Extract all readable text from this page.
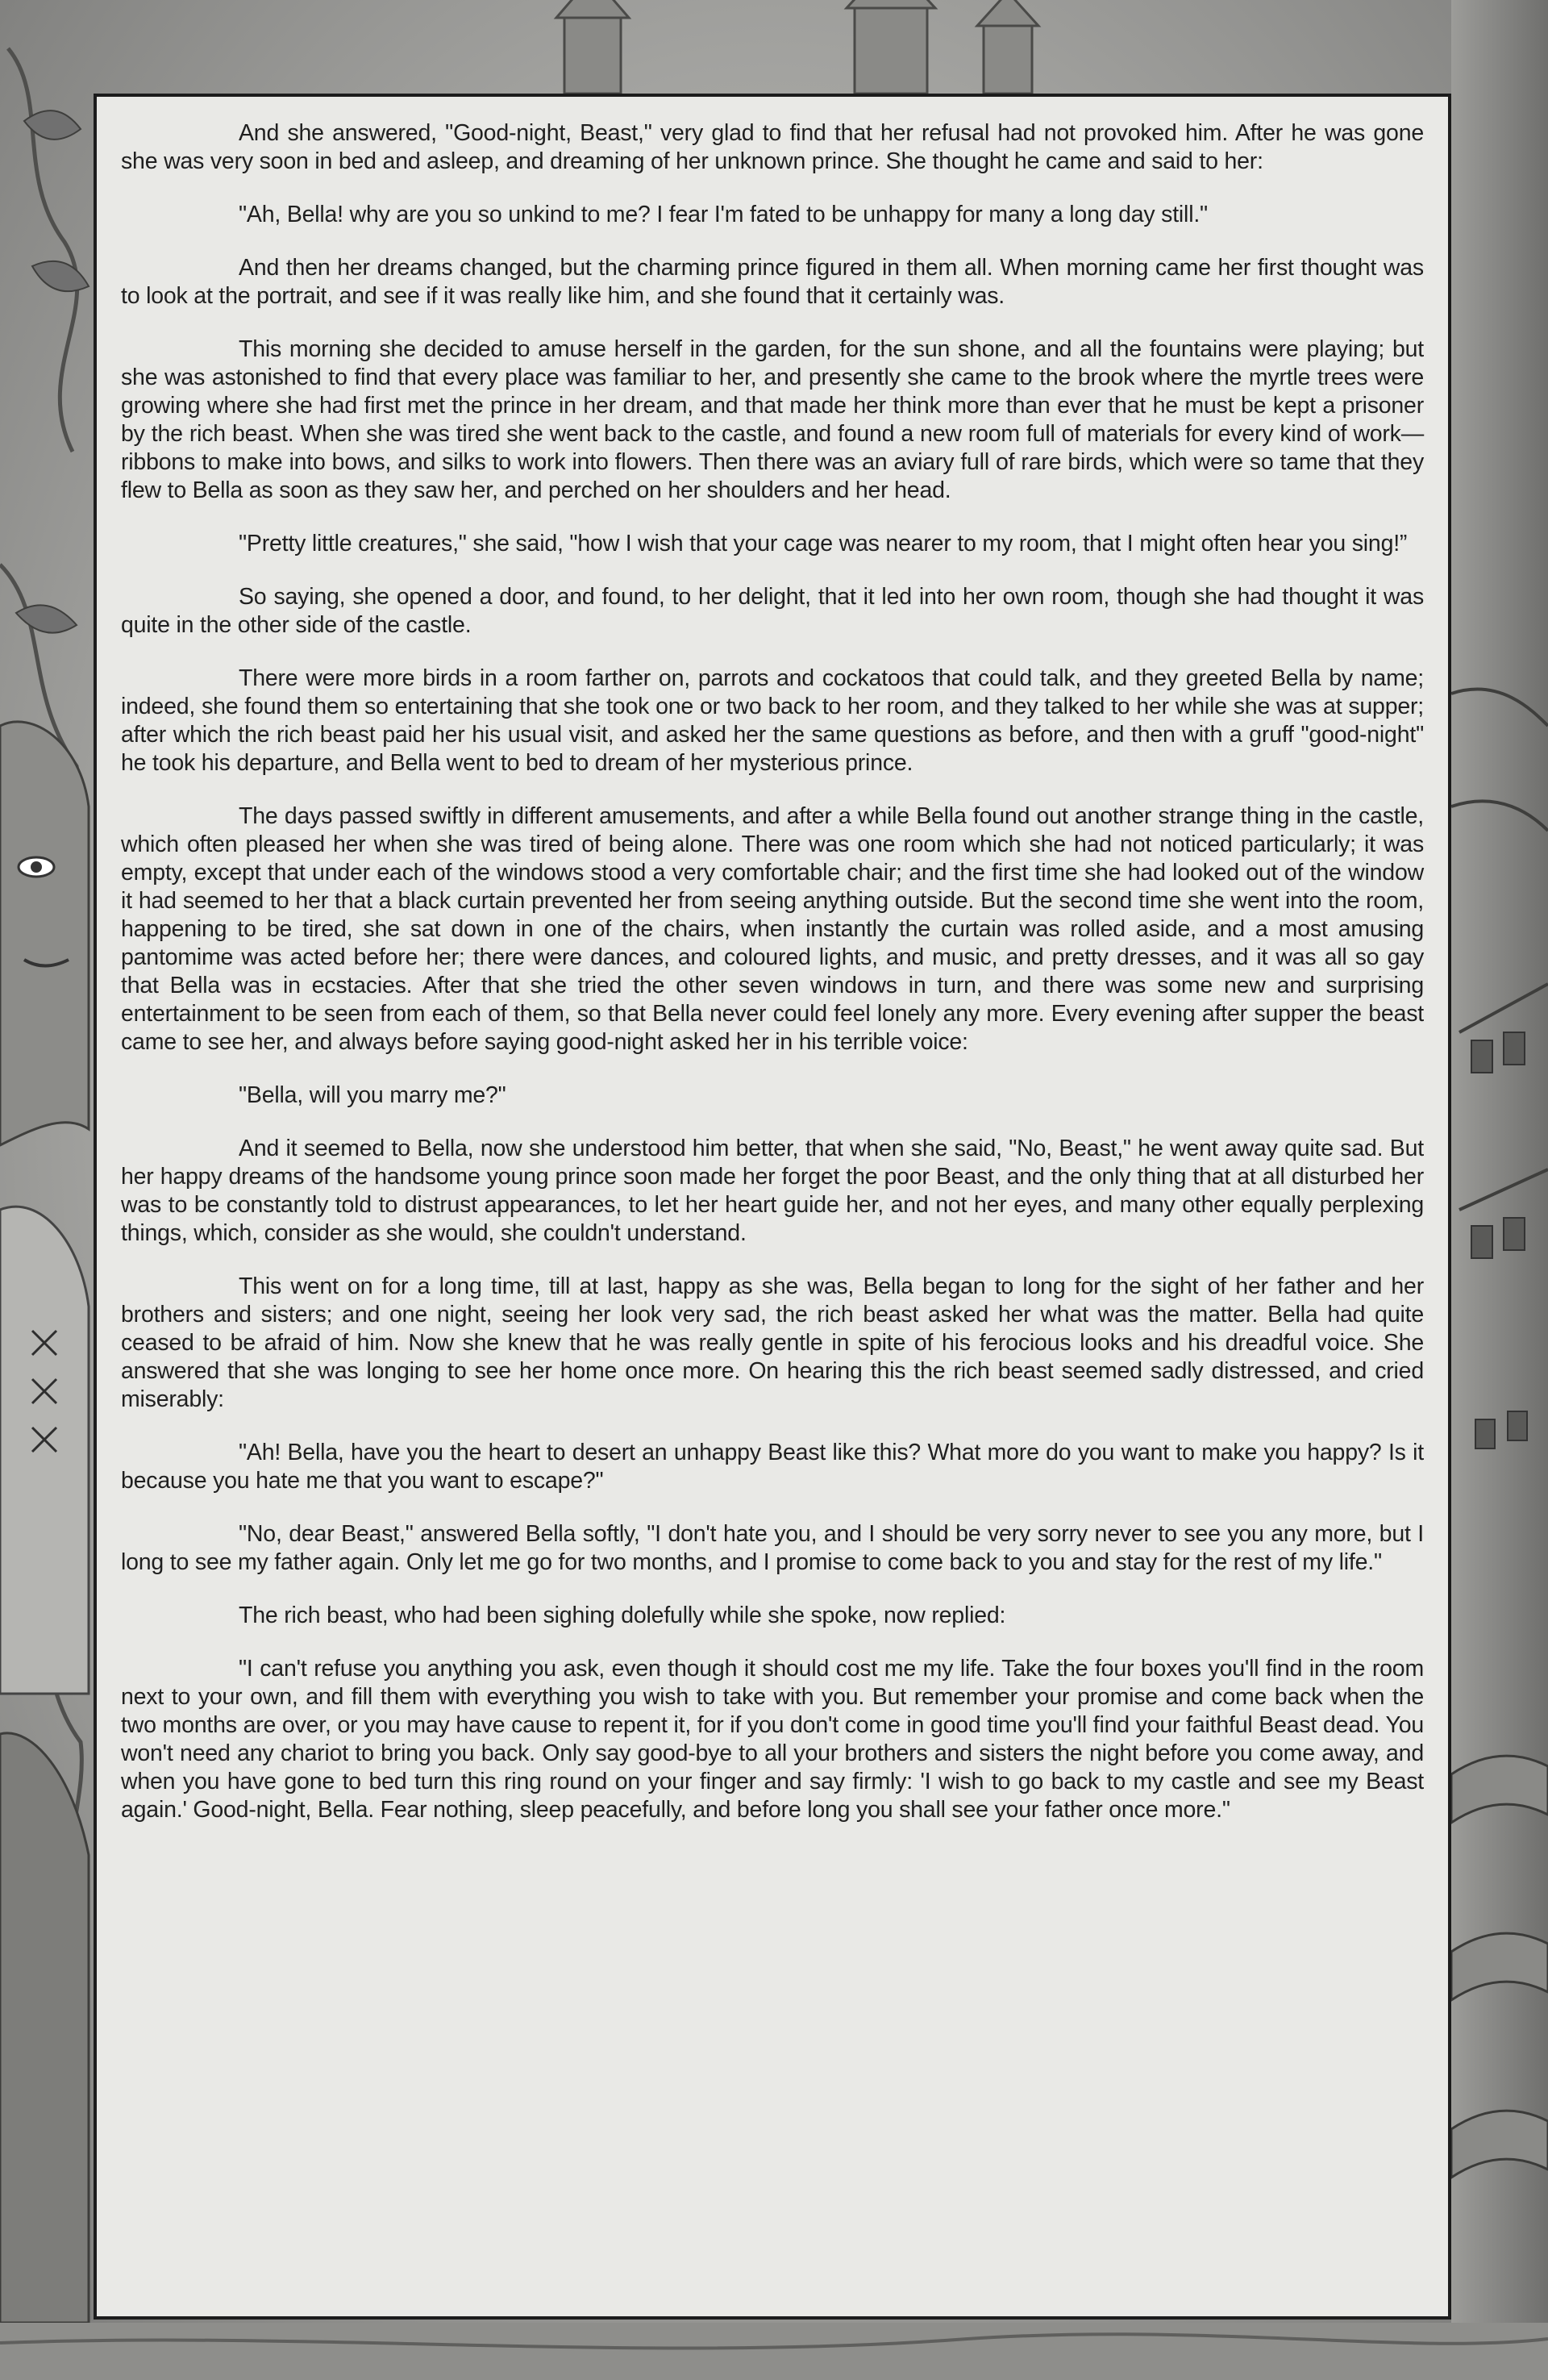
And she answered, "Good-night, Beast," very glad to find that her refusal had not provoked him. After he was gone she was very soon in bed and asleep, and dreaming of her unknown prince. She thought he came and said to her:

"Ah, Bella! why are you so unkind to me? I fear I'm fated to be unhappy for many a long day still."

And then her dreams changed, but the charming prince figured in them all. When morning came her first thought was to look at the portrait, and see if it was really like him, and she found that it certainly was.

This morning she decided to amuse herself in the garden, for the sun shone, and all the fountains were playing; but she was astonished to find that every place was familiar to her, and presently she came to the brook where the myrtle trees were growing where she had first met the prince in her dream, and that made her think more than ever that he must be kept a prisoner by the rich beast. When she was tired she went back to the castle, and found a new room full of materials for every kind of work—ribbons to make into bows, and silks to work into flowers. Then there was an aviary full of rare birds, which were so tame that they flew to Bella as soon as they saw her, and perched on her shoulders and her head.

"Pretty little creatures," she said, "how I wish that your cage was nearer to my room, that I might often hear you sing!”

So saying, she opened a door, and found, to her delight, that it led into her own room, though she had thought it was quite in the other side of the castle.

There were more birds in a room farther on, parrots and cockatoos that could talk, and they greeted Bella by name; indeed, she found them so entertaining that she took one or two back to her room, and they talked to her while she was at supper; after which the rich beast paid her his usual visit, and asked her the same questions as before, and then with a gruff "good-night" he took his departure, and Bella went to bed to dream of her mysterious prince.

The days passed swiftly in different amusements, and after a while Bella found out another strange thing in the castle, which often pleased her when she was tired of being alone. There was one room which she had not noticed particularly; it was empty, except that under each of the windows stood a very comfortable chair; and the first time she had looked out of the window it had seemed to her that a black curtain prevented her from seeing anything outside. But the second time she went into the room, happening to be tired, she sat down in one of the chairs, when instantly the curtain was rolled aside, and a most amusing pantomime was acted before her; there were dances, and coloured lights, and music, and pretty dresses, and it was all so gay that Bella was in ecstacies. After that she tried the other seven windows in turn, and there was some new and surprising entertainment to be seen from each of them, so that Bella never could feel lonely any more. Every evening after supper the beast came to see her, and always before saying good-night asked her in his terrible voice:

"Bella, will you marry me?"

And it seemed to Bella, now she understood him better, that when she said, "No, Beast," he went away quite sad. But her happy dreams of the handsome young prince soon made her forget the poor Beast, and the only thing that at all disturbed her was to be constantly told to distrust appearances, to let her heart guide her, and not her eyes, and many other equally perplexing things, which, consider as she would, she couldn't understand.

This went on for a long time, till at last, happy as she was, Bella began to long for the sight of her father and her brothers and sisters; and one night, seeing her look very sad, the rich beast asked her what was the matter. Bella had quite ceased to be afraid of him. Now she knew that he was really gentle in spite of his ferocious looks and his dreadful voice. She answered that she was longing to see her home once more. On hearing this the rich beast seemed sadly distressed, and cried miserably:

"Ah! Bella, have you the heart to desert an unhappy Beast like this? What more do you want to make you happy? Is it because you hate me that you want to escape?"

"No, dear Beast," answered Bella softly, "I don't hate you, and I should be very sorry never to see you any more, but I long to see my father again. Only let me go for two months, and I promise to come back to you and stay for the rest of my life."

The rich beast, who had been sighing dolefully while she spoke, now replied:

"I can't refuse you anything you ask, even though it should cost me my life. Take the four boxes you'll find in the room next to your own, and fill them with everything you wish to take with you. But remember your promise and come back when the two months are over, or you may have cause to repent it, for if you don't come in good time you'll find your faithful Beast dead. You won't need any chariot to bring you back. Only say good-bye to all your brothers and sisters the night before you come away, and when you have gone to bed turn this ring round on your finger and say firmly: 'I wish to go back to my castle and see my Beast again.' Good-night, Bella. Fear nothing, sleep peacefully, and before long you shall see your father once more."
